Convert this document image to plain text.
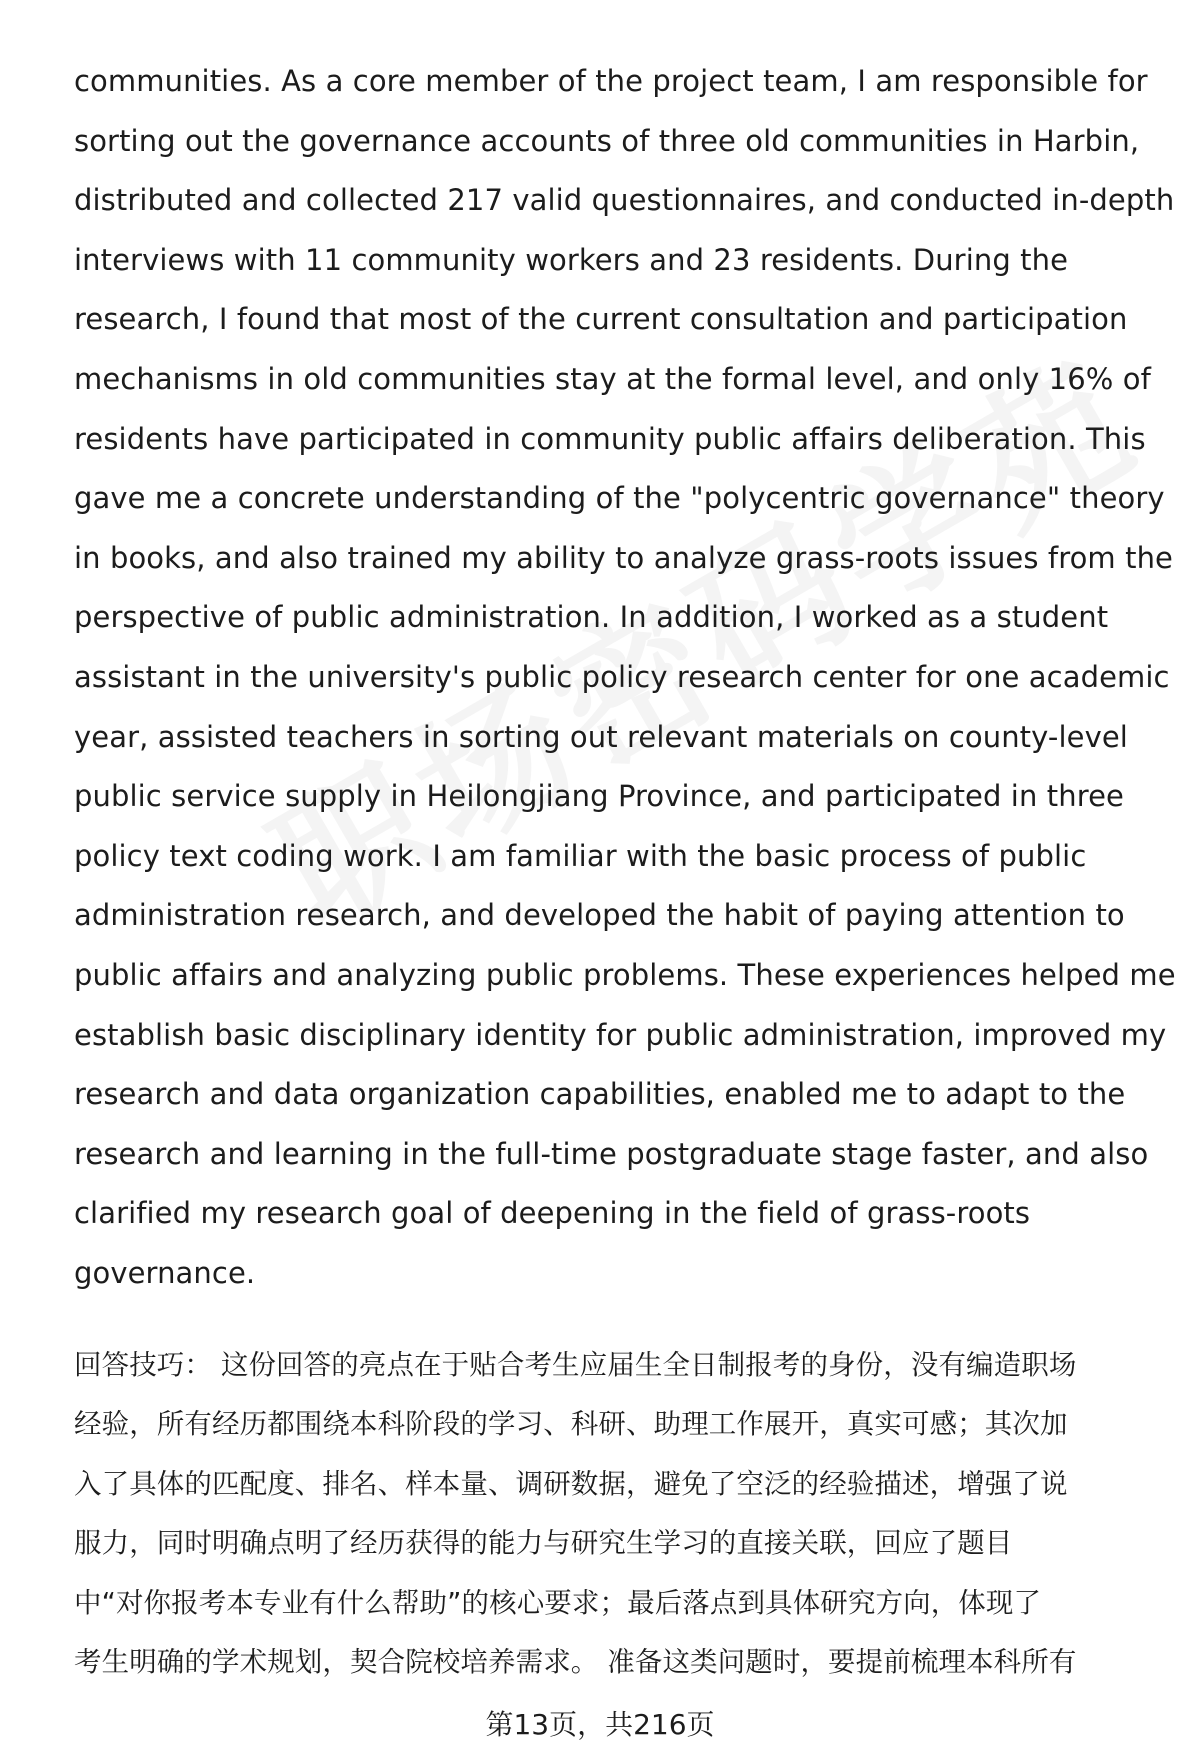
communities. As a core member of the project team, I am responsible for
sorting out the governance accounts of three old communities in Harbin,
distributed and collected 217 valid questionnaires, and conducted in-depth
interviews with 11 community workers and 23 residents. During the
research, I found that most of the current consultation and participation
mechanisms in old communities stay at the formal level, and only 16% of
residents have participated in community public affairs deliberation. This
gave me a concrete understanding of the "polycentric governance" theory
in books, and also trained my ability to analyze grass-roots issues from the
perspective of public administration. In addition, I worked as a student
assistant in the university's public policy research center for one academic
year, assisted teachers in sorting out relevant materials on county-level
public service supply in Heilongjiang Province, and participated in three
policy text coding work. I am familiar with the basic process of public
administration research, and developed the habit of paying attention to
public affairs and analyzing public problems. These experiences helped me
establish basic disciplinary identity for public administration, improved my
research and data organization capabilities, enabled me to adapt to the
research and learning in the full-time postgraduate stage faster, and also
clarified my research goal of deepening in the field of grass-roots
governance.
回答技巧： 这份回答的亮点在于贴合考生应届生全日制报考的身份，没有编造职场
经验，所有经历都围绕本科阶段的学习、科研、助理工作展开，真实可感；其次加
入了具体的匹配度、排名、样本量、调研数据，避免了空泛的经验描述，增强了说
服力，同时明确点明了经历获得的能力与研究生学习的直接关联，回应了题目
中“对你报考本专业有什么帮助”的核心要求；最后落点到具体研究方向，体现了
考生明确的学术规划，契合院校培养需求。 准备这类问题时，要提前梳理本科所有
第13页，共216页
